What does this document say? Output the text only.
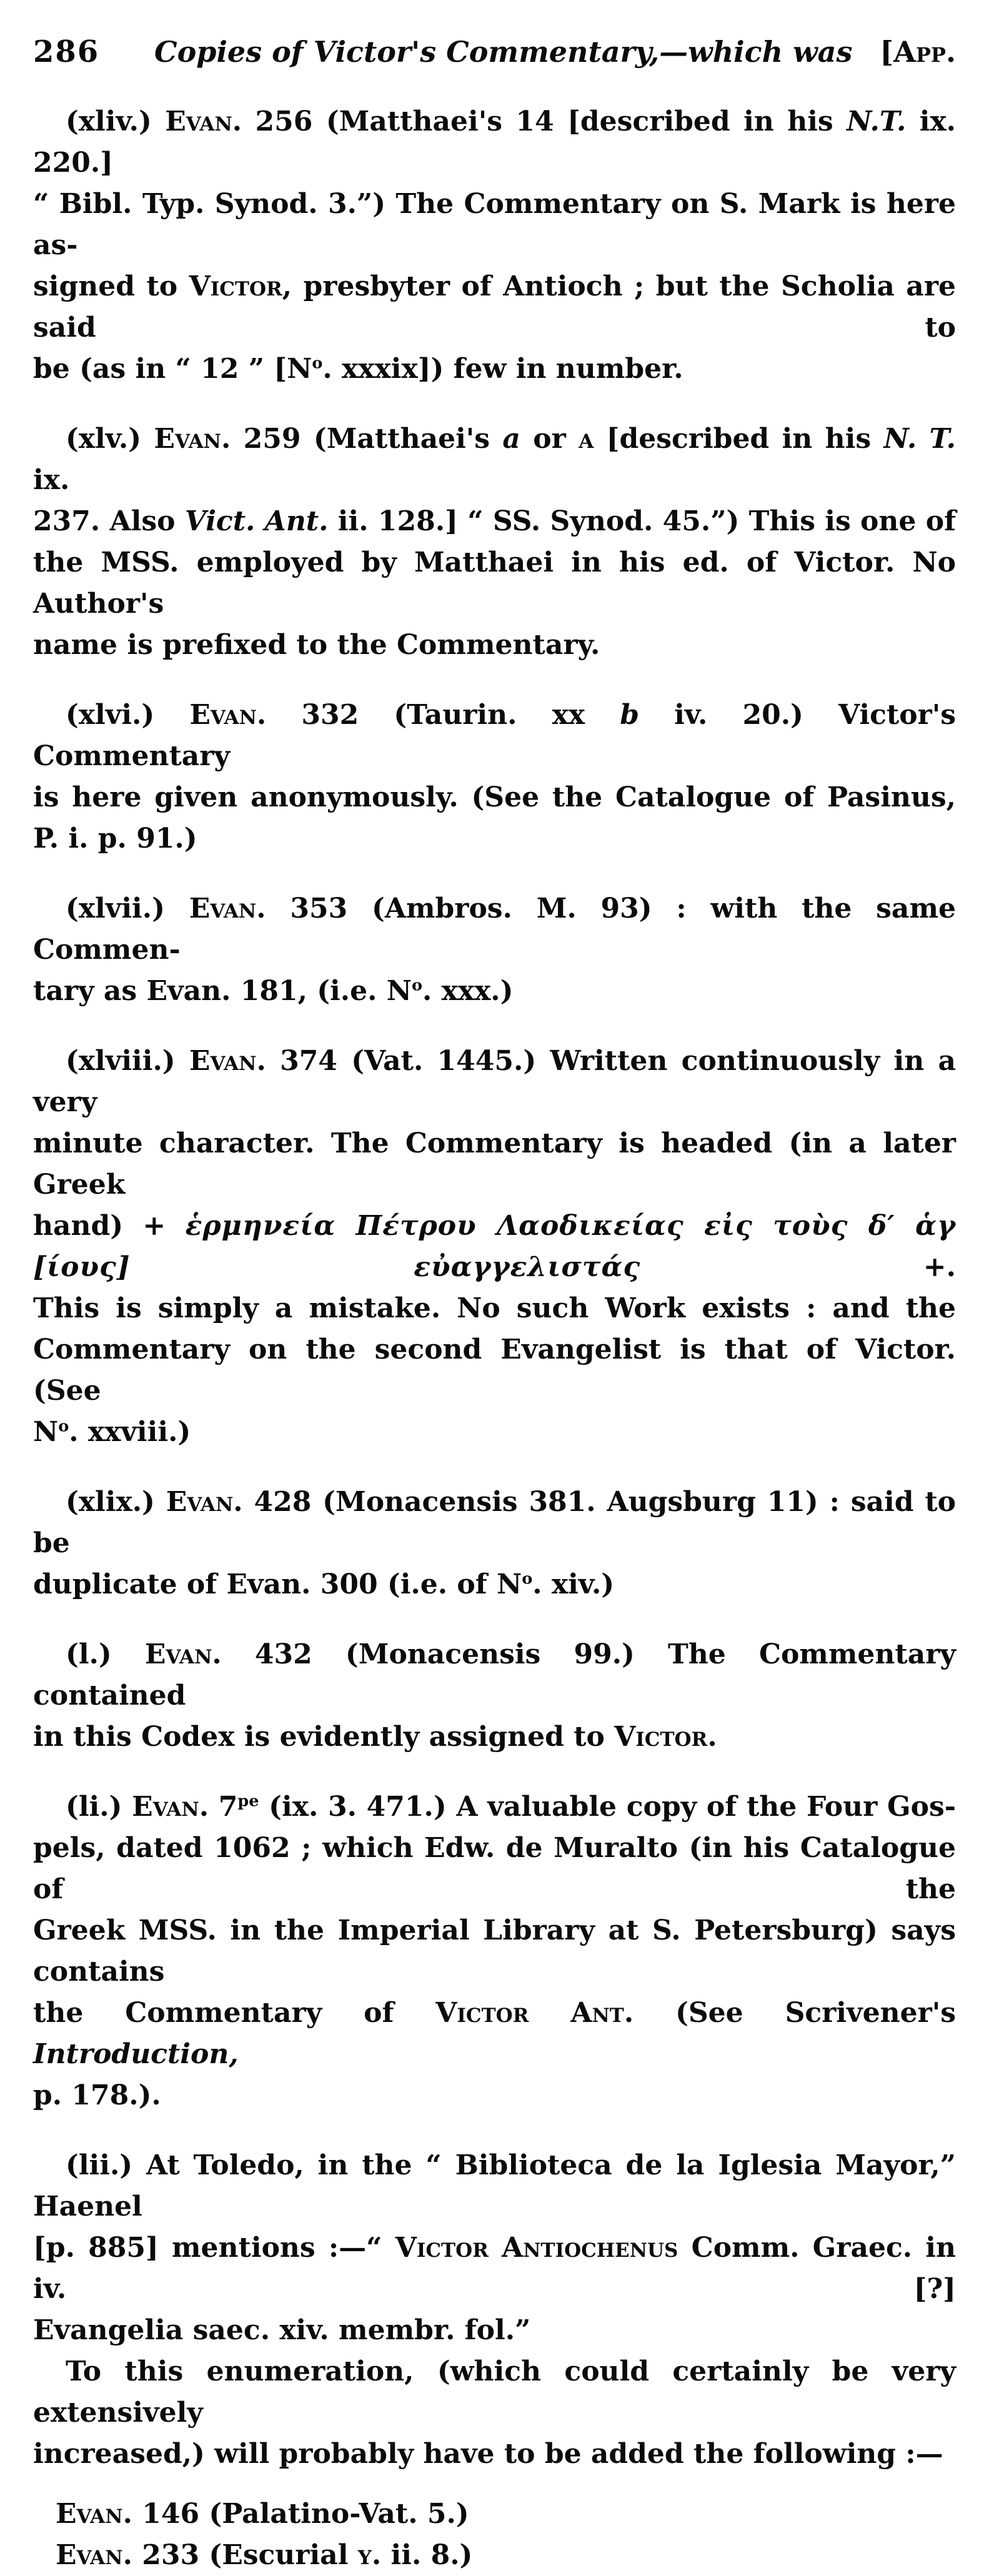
286	Copies of Victor's Commentary,—which was [App.
(xliv.) Evan. 256 (Matthaei's 14 [described in his N.T. ix. 220.]
“ Bibl. Typ. Synod. 3.”) The Commentary on S. Mark is here as-
signed to Victor, presbyter of Antioch ; but the Scholia are said to
be (as in “ 12 ” [$N^o$. xxxix]) few in number.
(xlv.) Evan. 259 (Matthaei's a or a [described in his N. T. ix.
237. Also Vict. Ant. ii. 128.] “ SS. Synod. 45.”) This is one of
the MSS. employed by Matthaei in his ed. of Victor. No Author's
name is prefixed to the Commentary.
(xlvi.) Evan. 332 (Taurin. xx b iv. 20.) Victor's Commentary
is here given anonymously. (See the Catalogue of Pasinus,
P. i. p. 91.)
(xlvii.) Evan. 353 (Ambros. M. 93) : with the same Commen-
tary as Evan. 181, (i.e. $N^o$. xxx.)
(xlviii.) Evan. 374 (Vat. 1445.) Written continuously in a very
minute character. The Commentary is headed (in a later Greek
hand) + ἑρμηνεία Πέτρου Λαοδικείας εἰς τοὺς δ′ ἁγ [ίους] εὐαγγελιστάς +.
This is simply a mistake. No such Work exists : and the
Commentary on the second Evangelist is that of Victor. (See
$N^o$. xxviii.)
(xlix.) Evan. 428 (Monacensis 381. Augsburg 11) : said to be
duplicate of Evan. 300 (i.e. of $N^o$. xiv.)
(l.) Evan. 432 (Monacensis 99.) The Commentary contained
in this Codex is evidently assigned to Victor.
(li.) Evan. $7^{pe}$ (ix. 3. 471.) A valuable copy of the Four Gos-
pels, dated 1062 ; which Edw. de Muralto (in his Catalogue of the
Greek MSS. in the Imperial Library at S. Petersburg) says contains
the Commentary of Victor Ant. (See Scrivener's Introduction,
p. 178.).
(lii.) At Toledo, in the “ Biblioteca de la Iglesia Mayor,” Haenel
[p. 885] mentions :—“ Victor Antiochenus Comm. Graec. in iv. [?]
Evangelia saec. xiv. membr. fol.”
To this enumeration, (which could certainly be very extensively
increased,) will probably have to be added the following :—
Evan. 146 (Palatino-Vat. 5.)
Evan. 233 (Escurial y. ii. 8.)
